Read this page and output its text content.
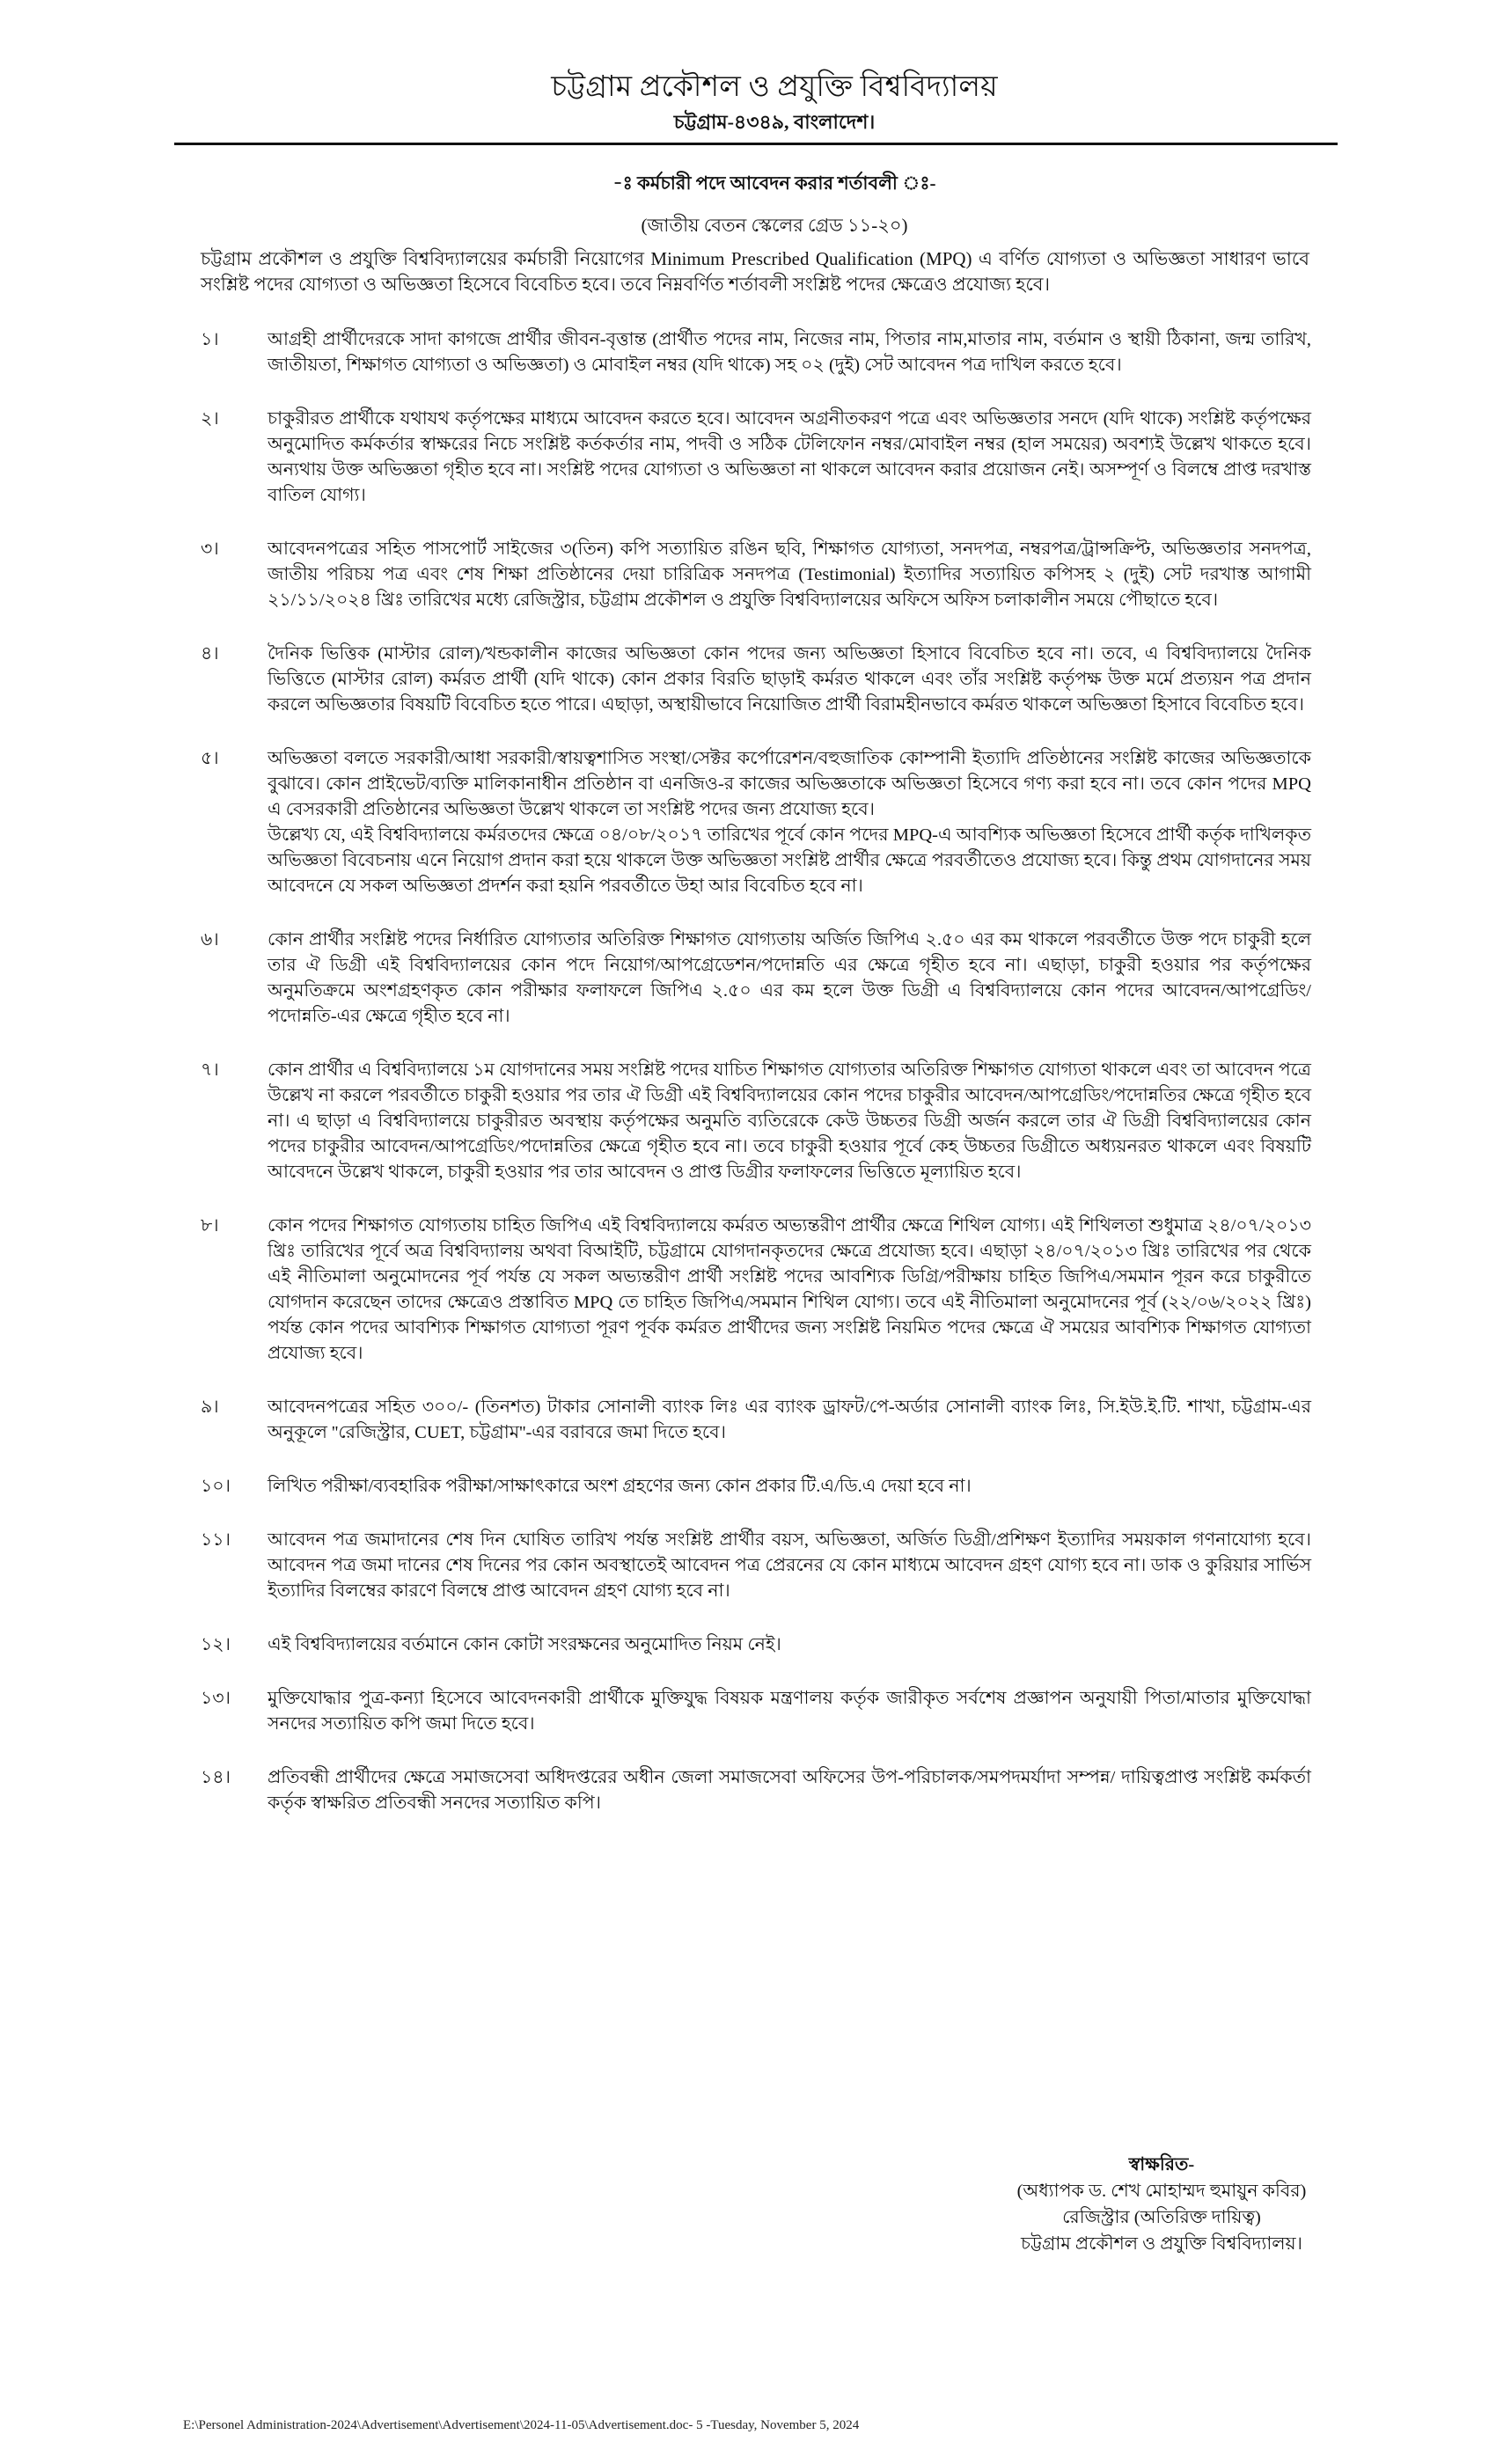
চট্টগ্রাম প্রকৌশল ও প্রযুক্তি বিশ্ববিদ্যালয়
চট্টগ্রাম-৪৩৪৯, বাংলাদেশ।
-ঃ কর্মচারী পদে আবেদন করার শর্তাবলী ঃ-
(জাতীয় বেতন স্কেলের গ্রেড ১১-২০)
চট্টগ্রাম প্রকৌশল ও প্রযুক্তি বিশ্ববিদ্যালয়ের কর্মচারী নিয়োগের Minimum Prescribed Qualification (MPQ) এ বর্ণিত যোগ্যতা ও অভিজ্ঞতা সাধারণ ভাবে সংশ্লিষ্ট পদের যোগ্যতা ও অভিজ্ঞতা হিসেবে বিবেচিত হবে। তবে নিম্নবর্ণিত শর্তাবলী সংশ্লিষ্ট পদের ক্ষেত্রেও প্রযোজ্য হবে।
১।	আগ্রহী প্রার্থীদেরকে সাদা কাগজে প্রার্থীর জীবন-বৃত্তান্ত (প্রার্থীত পদের নাম, নিজের নাম, পিতার নাম,মাতার নাম, বর্তমান ও স্থায়ী ঠিকানা, জন্ম তারিখ, জাতীয়তা, শিক্ষাগত যোগ্যতা ও অভিজ্ঞতা) ও মোবাইল নম্বর (যদি থাকে) সহ ০২ (দুই) সেট আবেদন পত্র দাখিল করতে হবে।

২।	চাকুরীরত প্রার্থীকে যথাযথ কর্তৃপক্ষের মাধ্যমে আবেদন করতে হবে। আবেদন অগ্রনীতকরণ পত্রে এবং অভিজ্ঞতার সনদে (যদি থাকে) সংশ্লিষ্ট কর্তৃপক্ষের অনুমোদিত কর্মকর্তার স্বাক্ষরের নিচে সংশ্লিষ্ট কর্তকর্তার নাম, পদবী ও সঠিক টেলিফোন নম্বর/মোবাইল নম্বর (হাল সময়ের) অবশ্যই উল্লেখ থাকতে হবে। অন্যথায় উক্ত অভিজ্ঞতা গৃহীত হবে না। সংশ্লিষ্ট পদের যোগ্যতা ও অভিজ্ঞতা না থাকলে আবেদন করার প্রয়োজন নেই। অসম্পূর্ণ ও বিলম্বে প্রাপ্ত দরখাস্ত বাতিল যোগ্য।

৩।	আবেদনপত্রের সহিত পাসপোর্ট সাইজের ৩(তিন) কপি সত্যায়িত রঙিন ছবি, শিক্ষাগত যোগ্যতা, সনদপত্র, নম্বরপত্র/ট্রান্সক্রিপ্ট, অভিজ্ঞতার সনদপত্র, জাতীয় পরিচয় পত্র এবং শেষ শিক্ষা প্রতিষ্ঠানের দেয়া চারিত্রিক সনদপত্র (Testimonial) ইত্যাদির সত্যায়িত কপিসহ ২ (দুই) সেট দরখাস্ত আগামী ২১/১১/২০২৪ খ্রিঃ তারিখের মধ্যে রেজিস্ট্রার, চট্টগ্রাম প্রকৌশল ও প্রযুক্তি বিশ্ববিদ্যালয়ের অফিসে অফিস চলাকালীন সময়ে পৌছাতে হবে।

৪।	দৈনিক ভিত্তিক (মাস্টার রোল)/খন্ডকালীন কাজের অভিজ্ঞতা কোন পদের জন্য অভিজ্ঞতা হিসাবে বিবেচিত হবে না। তবে, এ বিশ্ববিদ্যালয়ে দৈনিক ভিত্তিতে (মাস্টার রোল) কর্মরত প্রার্থী (যদি থাকে) কোন প্রকার বিরতি ছাড়াই কর্মরত থাকলে এবং তাঁর সংশ্লিষ্ট কর্তৃপক্ষ উক্ত মর্মে প্রত্যয়ন পত্র প্রদান করলে অভিজ্ঞতার বিষয়টি বিবেচিত হতে পারে। এছাড়া, অস্থায়ীভাবে নিয়োজিত প্রার্থী বিরামহীনভাবে কর্মরত থাকলে অভিজ্ঞতা হিসাবে বিবেচিত হবে।

৫।	অভিজ্ঞতা বলতে সরকারী/আধা সরকারী/স্বায়ত্বশাসিত সংস্থা/সেক্টর কর্পোরেশন/বহুজাতিক কোম্পানী ইত্যাদি প্রতিষ্ঠানের সংশ্লিষ্ট কাজের অভিজ্ঞতাকে বুঝাবে। কোন প্রাইভেট/ব্যক্তি মালিকানাধীন প্রতিষ্ঠান বা এনজিও-র কাজের অভিজ্ঞতাকে অভিজ্ঞতা হিসেবে গণ্য করা হবে না। তবে কোন পদের MPQ এ বেসরকারী প্রতিষ্ঠানের অভিজ্ঞতা উল্লেখ থাকলে তা সংশ্লিষ্ট পদের জন্য প্রযোজ্য হবে।

উল্লেখ্য যে, এই বিশ্ববিদ্যালয়ে কর্মরতদের ক্ষেত্রে ০৪/০৮/২০১৭ তারিখের পূর্বে কোন পদের MPQ-এ আবশ্যিক অভিজ্ঞতা হিসেবে প্রার্থী কর্তৃক দাখিলকৃত অভিজ্ঞতা বিবেচনায় এনে নিয়োগ প্রদান করা হয়ে থাকলে উক্ত অভিজ্ঞতা সংশ্লিষ্ট প্রার্থীর ক্ষেত্রে পরবর্তীতেও প্রযোজ্য হবে। কিন্তু প্রথম যোগদানের সময় আবেদনে যে সকল অভিজ্ঞতা প্রদর্শন করা হয়নি পরবর্তীতে উহা আর বিবেচিত হবে না।

৬।	কোন প্রার্থীর সংশ্লিষ্ট পদের নির্ধারিত যোগ্যতার অতিরিক্ত শিক্ষাগত যোগ্যতায় অর্জিত জিপিএ ২.৫০ এর কম থাকলে পরবর্তীতে উক্ত পদে চাকুরী হলে তার ঐ ডিগ্রী এই বিশ্ববিদ্যালয়ের কোন পদে নিয়োগ/আপগ্রেডেশন/পদোন্নতি এর ক্ষেত্রে গৃহীত হবে না। এছাড়া, চাকুরী হওয়ার পর কর্তৃপক্ষের অনুমতিক্রমে অংশগ্রহণকৃত কোন পরীক্ষার ফলাফলে জিপিএ ২.৫০ এর কম হলে উক্ত ডিগ্রী এ বিশ্ববিদ্যালয়ে কোন পদের আবেদন/আপগ্রেডিং/পদোন্নতি-এর ক্ষেত্রে গৃহীত হবে না।

৭।	কোন প্রার্থীর এ বিশ্ববিদ্যালয়ে ১ম যোগদানের সময় সংশ্লিষ্ট পদের যাচিত শিক্ষাগত যোগ্যতার অতিরিক্ত শিক্ষাগত যোগ্যতা থাকলে এবং তা আবেদন পত্রে উল্লেখ না করলে পরবর্তীতে চাকুরী হওয়ার পর তার ঐ ডিগ্রী এই বিশ্ববিদ্যালয়ের কোন পদের চাকুরীর আবেদন/আপগ্রেডিং/পদোন্নতির ক্ষেত্রে গৃহীত হবে না। এ ছাড়া এ বিশ্ববিদ্যালয়ে চাকুরীরত অবস্থায় কর্তৃপক্ষের অনুমতি ব্যতিরেকে কেউ উচ্চতর ডিগ্রী অর্জন করলে তার ঐ ডিগ্রী বিশ্ববিদ্যালয়ের কোন পদের চাকুরীর আবেদন/আপগ্রেডিং/পদোন্নতির ক্ষেত্রে গৃহীত হবে না। তবে চাকুরী হওয়ার পূর্বে কেহ উচ্চতর ডিগ্রীতে অধ্যয়নরত থাকলে এবং বিষয়টি আবেদনে উল্লেখ থাকলে, চাকুরী হওয়ার পর তার আবেদন ও প্রাপ্ত ডিগ্রীর ফলাফলের ভিত্তিতে মূল্যায়িত হবে।

৮।	কোন পদের শিক্ষাগত যোগ্যতায় চাহিত জিপিএ এই বিশ্ববিদ্যালয়ে কর্মরত অভ্যন্তরীণ প্রার্থীর ক্ষেত্রে শিথিল যোগ্য। এই শিথিলতা শুধুমাত্র ২৪/০৭/২০১৩ খ্রিঃ তারিখের পূর্বে অত্র বিশ্ববিদ্যালয় অথবা বিআইটি, চট্টগ্রামে যোগদানকৃতদের ক্ষেত্রে প্রযোজ্য হবে। এছাড়া ২৪/০৭/২০১৩ খ্রিঃ তারিখের পর থেকে এই নীতিমালা অনুমোদনের পূর্ব পর্যন্ত যে সকল অভ্যন্তরীণ প্রার্থী সংশ্লিষ্ট পদের আবশ্যিক ডিগ্রি/পরীক্ষায় চাহিত জিপিএ/সমমান পূরন করে চাকুরীতে যোগদান করেছেন তাদের ক্ষেত্রেও প্রস্তাবিত MPQ তে চাহিত জিপিএ/সমমান শিথিল যোগ্য। তবে এই নীতিমালা অনুমোদনের পূর্ব (২২/০৬/২০২২ খ্রিঃ) পর্যন্ত কোন পদের আবশ্যিক শিক্ষাগত যোগ্যতা পূরণ পূর্বক কর্মরত প্রার্থীদের জন্য সংশ্লিষ্ট নিয়মিত পদের ক্ষেত্রে ঐ সময়ের আবশ্যিক শিক্ষাগত যোগ্যতা প্রযোজ্য হবে।

৯।	আবেদনপত্রের সহিত ৩০০/- (তিনশত) টাকার সোনালী ব্যাংক লিঃ এর ব্যাংক ড্রাফট/পে-অর্ডার সোনালী ব্যাংক লিঃ, সি.ইউ.ই.টি. শাখা, চট্টগ্রাম-এর অনুকূলে ''রেজিস্ট্রার, CUET, চট্টগ্রাম''-এর বরাবরে জমা দিতে হবে।

১০।	লিখিত পরীক্ষা/ব্যবহারিক পরীক্ষা/সাক্ষাৎকারে অংশ গ্রহণের জন্য কোন প্রকার টি.এ/ডি.এ দেয়া হবে না।

১১।	আবেদন পত্র জমাদানের শেষ দিন ঘোষিত তারিখ পর্যন্ত সংশ্লিষ্ট প্রার্থীর বয়স, অভিজ্ঞতা, অর্জিত ডিগ্রী/প্রশিক্ষণ ইত্যাদির সময়কাল গণনাযোগ্য হবে। আবেদন পত্র জমা দানের শেষ দিনের পর কোন অবস্থাতেই আবেদন পত্র প্রেরনের যে কোন মাধ্যমে আবেদন গ্রহণ যোগ্য হবে না। ডাক ও কুরিয়ার সার্ভিস ইত্যাদির বিলম্বের কারণে বিলম্বে প্রাপ্ত আবেদন গ্রহণ যোগ্য হবে না।

১২।	এই বিশ্ববিদ্যালয়ের বর্তমানে কোন কোটা সংরক্ষনের অনুমোদিত নিয়ম নেই।

১৩।	মুক্তিযোদ্ধার পুত্র-কন্যা হিসেবে আবেদনকারী প্রার্থীকে মুক্তিযুদ্ধ বিষয়ক মন্ত্রণালয় কর্তৃক জারীকৃত সর্বশেষ প্রজ্ঞাপন অনুযায়ী পিতা/মাতার মুক্তিযোদ্ধা সনদের সত্যায়িত কপি জমা দিতে হবে।

১৪।	প্রতিবন্ধী প্রার্থীদের ক্ষেত্রে সমাজসেবা অধিদপ্তরের অধীন জেলা সমাজসেবা অফিসের উপ-পরিচালক/সমপদমর্যাদা সম্পন্ন/ দায়িত্বপ্রাপ্ত সংশ্লিষ্ট কর্মকর্তা কর্তৃক স্বাক্ষরিত প্রতিবন্ধী সনদের সত্যায়িত কপি।

স্বাক্ষরিত-
(অধ্যাপক ড. শেখ মোহাম্মদ হুমায়ুন কবির)
রেজিস্ট্রার (অতিরিক্ত দায়িত্ব)
চট্টগ্রাম প্রকৌশল ও প্রযুক্তি বিশ্ববিদ্যালয়।
E:\Personel Administration-2024\Advertisement\Advertisement\2024-11-05\Advertisement.doc- 5 -Tuesday, November 5, 2024
